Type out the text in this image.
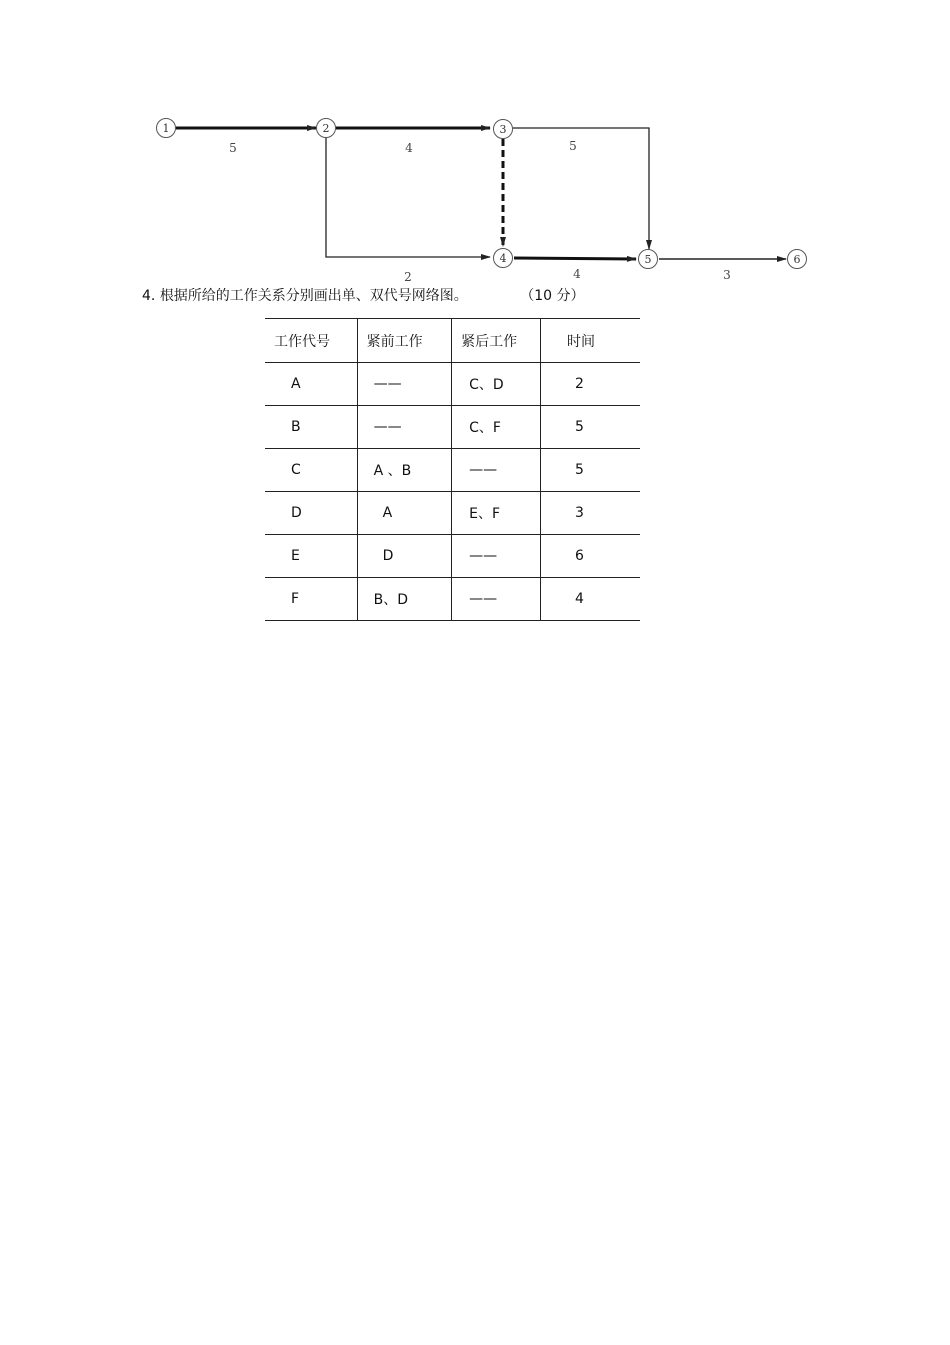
5	4
2
5
4	3
1	2	3
4	5	6
4. 根据所给的工作关系分别画出单、双代号网络图。	（10 分）
工作代号	紧前工作	紧后工作	时间
A	——	C、D	2
B	——	C、F	5
C	A 、B	——	5
D	A	E、F	3
E	D	——	6
F	B、D	——	4
